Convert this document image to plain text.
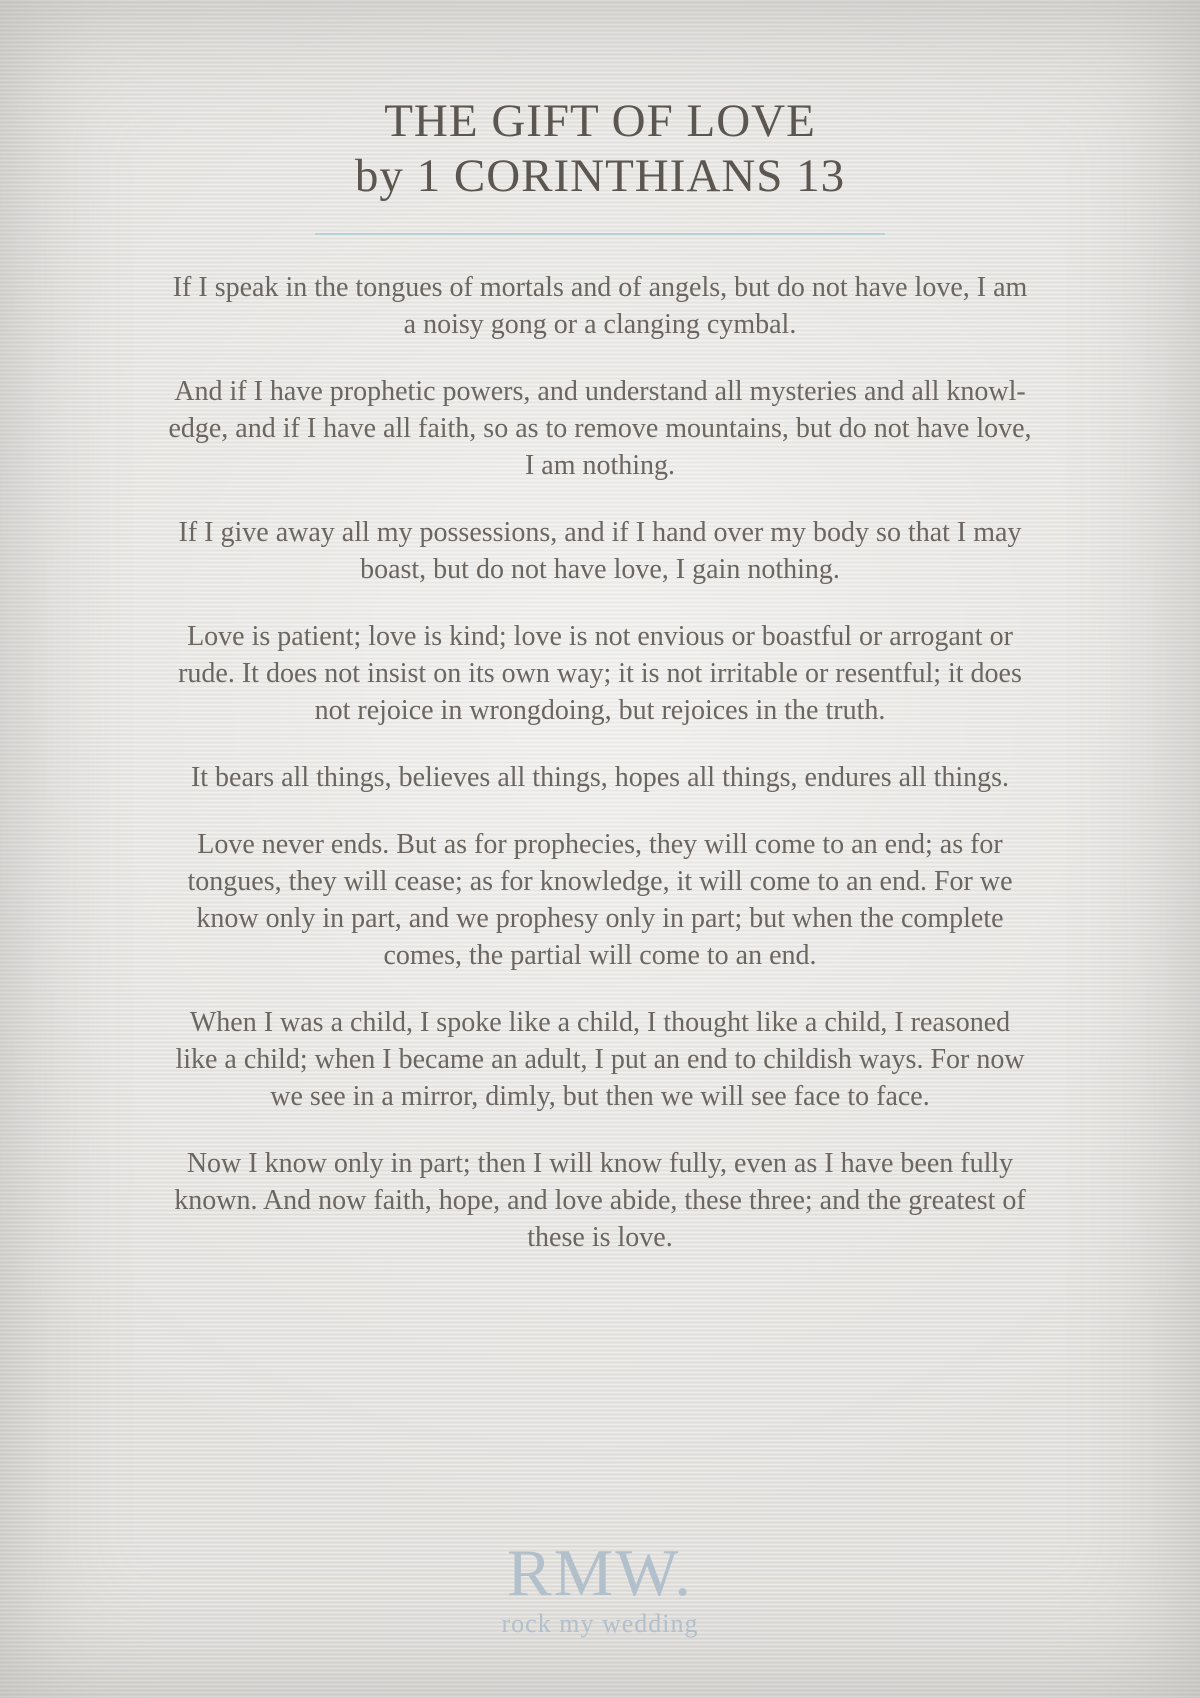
THE GIFT OF LOVE
by 1 CORINTHIANS 13

If I speak in the tongues of mortals and of angels, but do not have love, I am
a noisy gong or a clanging cymbal.

And if I have prophetic powers, and understand all mysteries and all knowl-
edge, and if I have all faith, so as to remove mountains, but do not have love,
I am nothing.

If I give away all my possessions, and if I hand over my body so that I may
boast, but do not have love, I gain nothing.

Love is patient; love is kind; love is not envious or boastful or arrogant or
rude. It does not insist on its own way; it is not irritable or resentful; it does
not rejoice in wrongdoing, but rejoices in the truth.

It bears all things, believes all things, hopes all things, endures all things.

Love never ends. But as for prophecies, they will come to an end; as for
tongues, they will cease; as for knowledge, it will come to an end. For we
know only in part, and we prophesy only in part; but when the complete
comes, the partial will come to an end.

When I was a child, I spoke like a child, I thought like a child, I reasoned
like a child; when I became an adult, I put an end to childish ways. For now
we see in a mirror, dimly, but then we will see face to face.

Now I know only in part; then I will know fully, even as I have been fully
known. And now faith, hope, and love abide, these three; and the greatest of
these is love.

RMW.
rock my wedding
